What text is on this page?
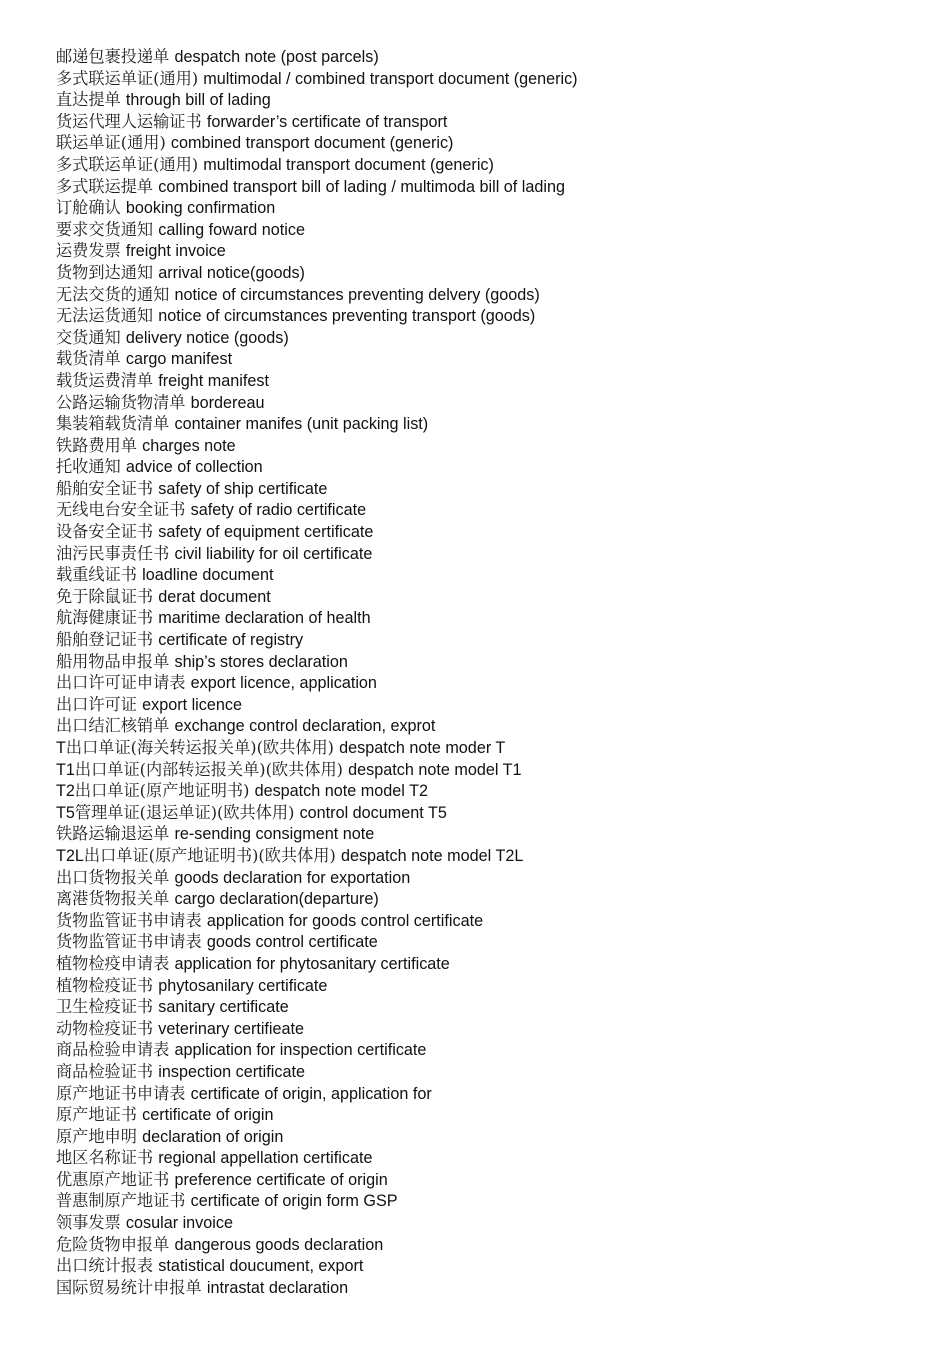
邮递包裹投递单 despatch note (post parcels)
多式联运单证(通用) multimodal / combined transport document (generic)
直达提单 through bill of lading
货运代理人运输证书 forwarder’s certificate of transport
联运单证(通用) combined transport document (generic)
多式联运单证(通用) multimodal transport document (generic)
多式联运提单 combined transport bill of lading / multimoda bill of lading
订舱确认 booking confirmation
要求交货通知 calling foward notice
运费发票 freight invoice
货物到达通知 arrival notice(goods)
无法交货的通知 notice of circumstances preventing delvery (goods)
无法运货通知 notice of circumstances preventing transport (goods)
交货通知 delivery notice (goods)
载货清单 cargo manifest
载货运费清单 freight manifest
公路运输货物清单 bordereau
集装箱载货清单 container manifes (unit packing list)
铁路费用单 charges note
托收通知 advice of collection
船舶安全证书 safety of ship certificate
无线电台安全证书 safety of radio certificate
设备安全证书 safety of equipment certificate
油污民事责任书 civil liability for oil certificate
载重线证书 loadline document
免于除鼠证书 derat document
航海健康证书 maritime declaration of health
船舶登记证书 certificate of registry
船用物品申报单 ship’s stores declaration
出口许可证申请表 export licence, application
出口许可证 export licence
出口结汇核销单 exchange control declaration, exprot
T出口单证(海关转运报关单)(欧共体用) despatch note moder T
T1出口单证(内部转运报关单)(欧共体用) despatch note model T1
T2出口单证(原产地证明书) despatch note model T2
T5管理单证(退运单证)(欧共体用) control document T5
铁路运输退运单 re-sending consigment note
T2L出口单证(原产地证明书)(欧共体用) despatch note model T2L
出口货物报关单 goods declaration for exportation
离港货物报关单 cargo declaration(departure)
货物监管证书申请表 application for goods control certificate
货物监管证书申请表 goods control certificate
植物检疫申请表 application for phytosanitary certificate
植物检疫证书 phytosanilary certificate
卫生检疫证书 sanitary certificate
动物检疫证书 veterinary certifieate
商品检验申请表 application for inspection certificate
商品检验证书 inspection certificate
原产地证书申请表 certificate of origin, application for
原产地证书 certificate of origin
原产地申明 declaration of origin
地区名称证书 regional appellation certificate
优惠原产地证书 preference certificate of origin
普惠制原产地证书 certificate of origin form GSP
领事发票 cosular invoice
危险货物申报单 dangerous goods declaration
出口统计报表 statistical doucument, export
国际贸易统计申报单 intrastat declaration
